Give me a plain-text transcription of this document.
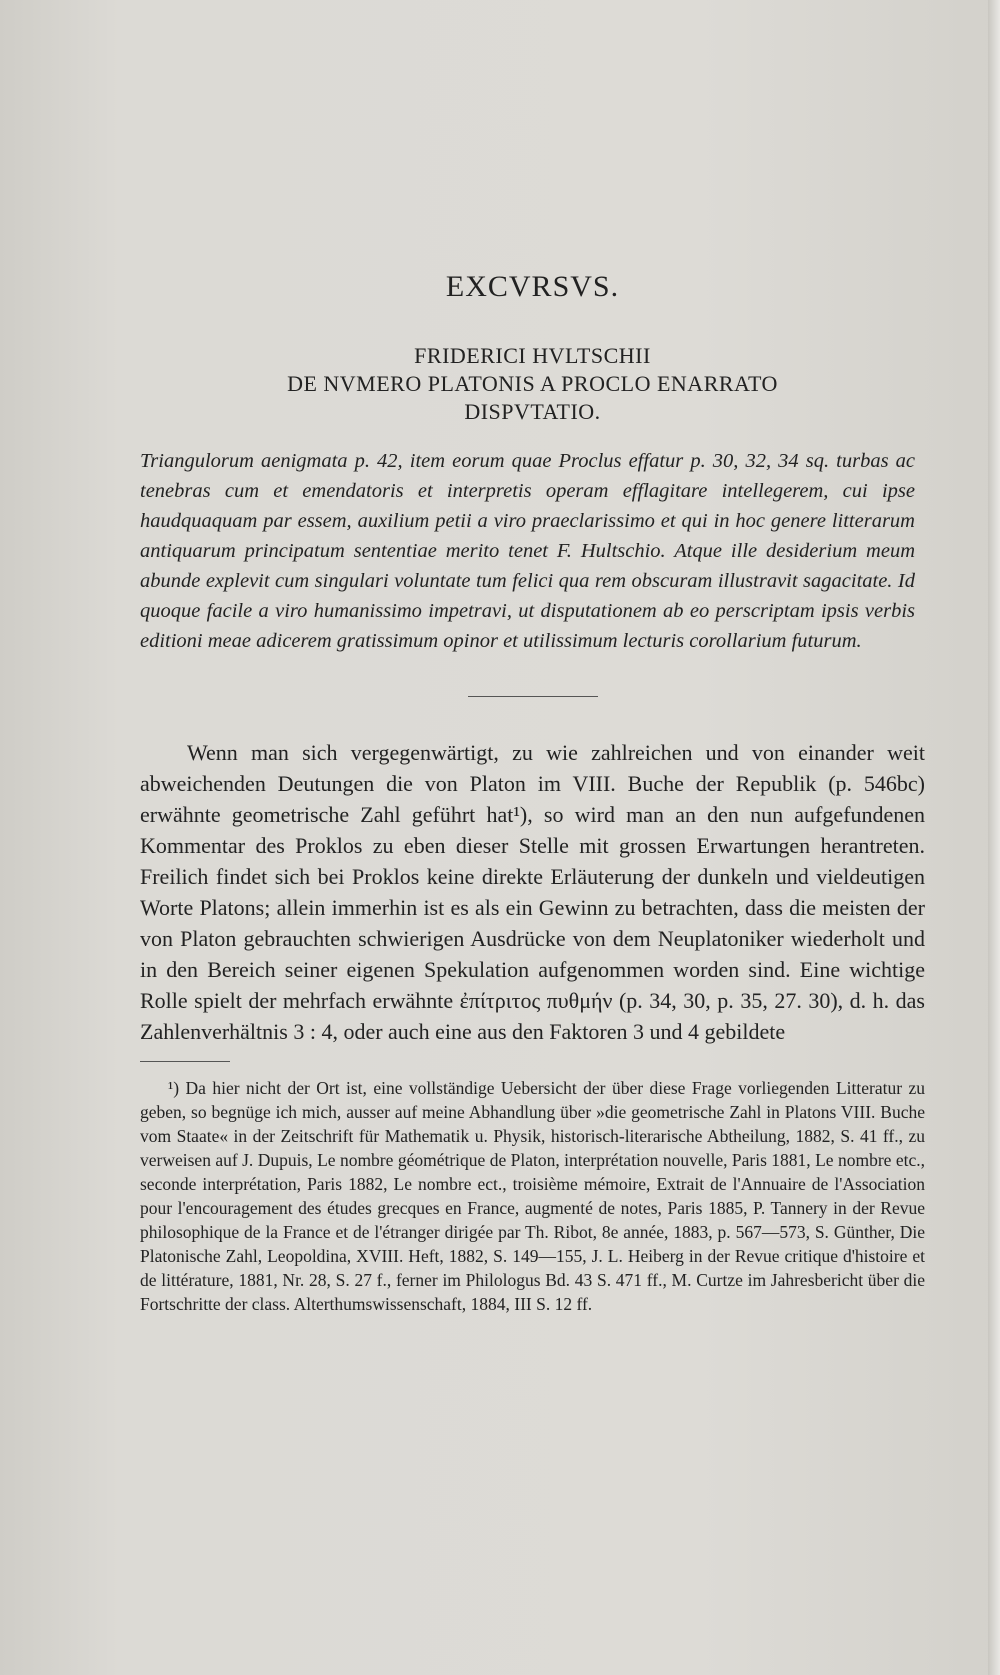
EXCVRSVS.
FRIDERICI HVLTSCHII
DE NVMERO PLATONIS A PROCLO ENARRATO
DISPVTATIO.

Triangulorum aenigmata p. 42, item eorum quae Proclus effatur p. 30, 32, 34 sq. turbas ac tenebras cum et emendatoris et interpretis operam efflagitare intellegerem, cui ipse haudquaquam par essem, auxilium petii a viro praeclarissimo et qui in hoc genere litterarum antiquarum principatum sententiae merito tenet F. Hultschio. Atque ille desiderium meum abunde explevit cum singulari voluntate tum felici qua rem obscuram illustravit sagacitate. Id quoque facile a viro humanissimo impetravi, ut disputationem ab eo perscriptam ipsis verbis editioni meae adicerem gratissimum opinor et utilissimum lecturis corollarium futurum.

Wenn man sich vergegenwärtigt, zu wie zahlreichen und von einander weit abweichenden Deutungen die von Platon im VIII. Buche der Republik (p. 546bc) erwähnte geometrische Zahl geführt hat¹), so wird man an den nun aufgefundenen Kommentar des Proklos zu eben dieser Stelle mit grossen Erwartungen herantreten. Freilich findet sich bei Proklos keine direkte Erläuterung der dunkeln und vieldeutigen Worte Platons; allein immerhin ist es als ein Gewinn zu betrachten, dass die meisten der von Platon gebrauchten schwierigen Ausdrücke von dem Neuplatoniker wiederholt und in den Bereich seiner eigenen Spekulation aufgenommen worden sind. Eine wichtige Rolle spielt der mehrfach erwähnte ἐπίτριτος πυθμήν (p. 34, 30, p. 35, 27. 30), d. h. das Zahlenverhältnis 3 : 4, oder auch eine aus den Faktoren 3 und 4 gebildete

¹) Da hier nicht der Ort ist, eine vollständige Uebersicht der über diese Frage vorliegenden Litteratur zu geben, so begnüge ich mich, ausser auf meine Abhandlung über »die geometrische Zahl in Platons VIII. Buche vom Staate« in der Zeitschrift für Mathematik u. Physik, historisch-literarische Abtheilung, 1882, S. 41 ff., zu verweisen auf J. Dupuis, Le nombre géométrique de Platon, interprétation nouvelle, Paris 1881, Le nombre etc., seconde interprétation, Paris 1882, Le nombre ect., troisième mémoire, Extrait de l'Annuaire de l'Association pour l'encouragement des études grecques en France, augmenté de notes, Paris 1885, P. Tannery in der Revue philosophique de la France et de l'étranger dirigée par Th. Ribot, 8e année, 1883, p. 567—573, S. Günther, Die Platonische Zahl, Leopoldina, XVIII. Heft, 1882, S. 149—155, J. L. Heiberg in der Revue critique d'histoire et de littérature, 1881, Nr. 28, S. 27 f., ferner im Philologus Bd. 43 S. 471 ff., M. Curtze im Jahresbericht über die Fortschritte der class. Alterthumswissenschaft, 1884, III S. 12 ff.
